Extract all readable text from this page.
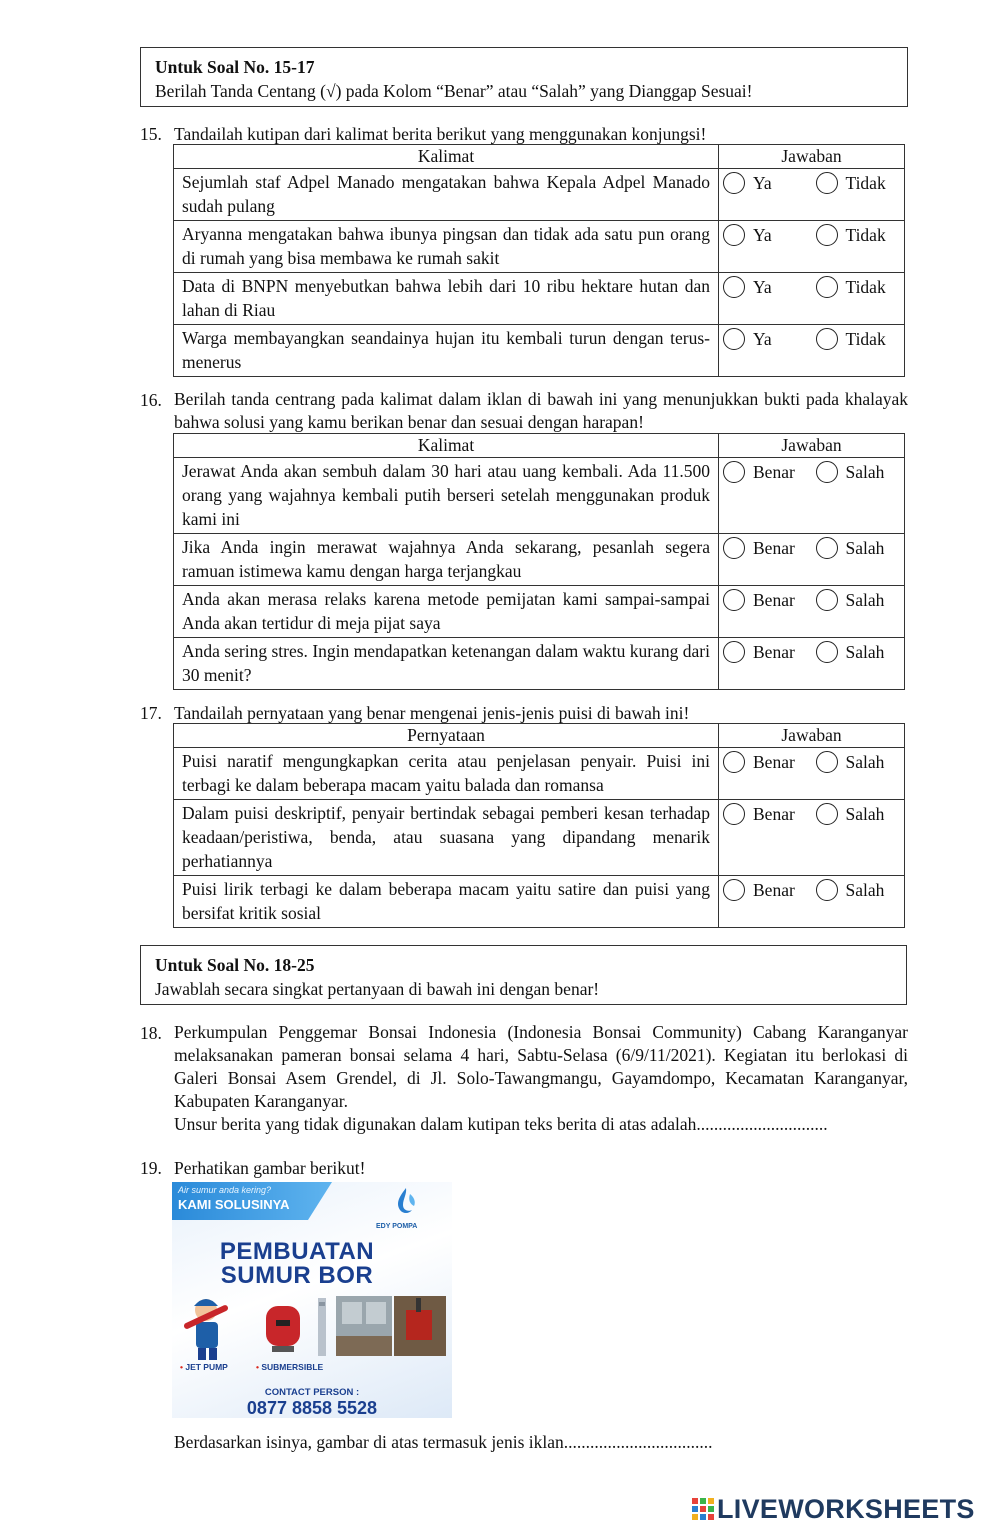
Untuk Soal No. 15-17
Berilah Tanda Centang (√) pada Kolom “Benar” atau “Salah” yang Dianggap Sesuai!
15. Tandailah kutipan dari kalimat berita berikut yang menggunakan konjungsi!
Kalimat	Jawaban	
Sejumlah staf Adpel Manado mengatakan bahwa Kepala Adpel Manado sudah pulang	Ya	Tidak

Aryanna mengatakan bahwa ibunya pingsan dan tidak ada satu pun orang di rumah yang bisa membawa ke rumah sakit	Ya	Tidak

Data di BNPN menyebutkan bahwa lebih dari 10 ribu hektare hutan dan lahan di Riau	Ya	Tidak

Warga membayangkan seandainya hujan itu kembali turun dengan terus-menerus	Ya	Tidak
16. Berilah tanda centrang pada kalimat dalam iklan di bawah ini yang menunjukkan bukti pada khalayak bahwa solusi yang kamu berikan benar dan sesuai dengan harapan!
Kalimat	Jawaban	
Jerawat Anda akan sembuh dalam 30 hari atau uang kembali. Ada 11.500 orang yang wajahnya kembali putih berseri setelah menggunakan produk kami ini	Benar	Salah

Jika Anda ingin merawat wajahnya Anda sekarang, pesanlah segera ramuan istimewa kamu dengan harga terjangkau	Benar	Salah

Anda akan merasa relaks karena metode pemijatan kami sampai-sampai Anda akan tertidur di meja pijat saya	Benar	Salah

Anda sering stres. Ingin mendapatkan ketenangan dalam waktu kurang dari 30 menit?	Benar	Salah
17. Tandailah pernyataan yang benar mengenai jenis-jenis puisi di bawah ini!
Pernyataan	Jawaban	
Puisi naratif mengungkapkan cerita atau penjelasan penyair. Puisi ini terbagi ke dalam beberapa macam yaitu balada dan romansa	Benar	Salah

Dalam puisi deskriptif, penyair bertindak sebagai pemberi kesan terhadap keadaan/peristiwa, benda, atau suasana yang dipandang menarik perhatiannya	Benar	Salah

Puisi lirik terbagi ke dalam beberapa macam yaitu satire dan puisi yang bersifat kritik sosial	Benar	Salah
Untuk Soal No. 18-25
Jawablah secara singkat pertanyaan di bawah ini dengan benar!
18. Perkumpulan Penggemar Bonsai Indonesia (Indonesia Bonsai Community) Cabang Karanganyar melaksanakan pameran bonsai selama 4 hari, Sabtu-Selasa (6/9/11/2021). Kegiatan itu berlokasi di Galeri Bonsai Asem Grendel, di Jl. Solo-Tawangmangu, Gayamdompo, Kecamatan Karanganyar, Kabupaten Karanganyar.
Unsur berita yang tidak digunakan dalam kutipan teks berita di atas adalah..............................
19. Perhatikan gambar berikut!
Air sumur anda kering?
KAMI SOLUSINYA
EDY POMPA
PEMBUATAN
SUMUR BOR
• JET PUMP	• SUBMERSIBLE
CONTACT PERSON :
0877 8858 5528
Berdasarkan isinya, gambar di atas termasuk jenis iklan..................................
LIVEWORKSHEETS
